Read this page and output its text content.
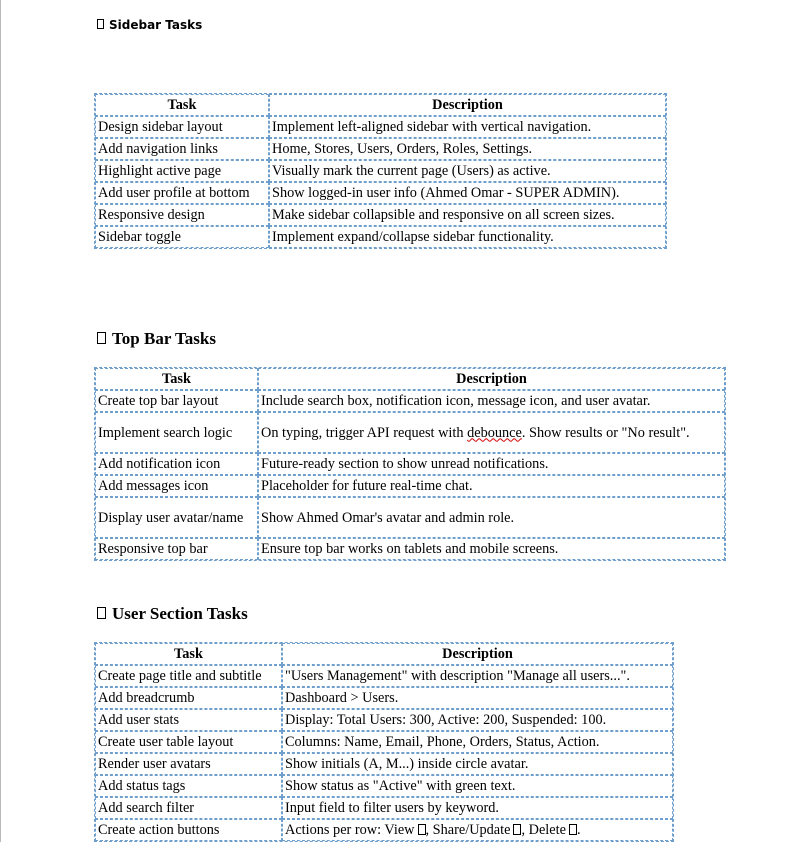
Sidebar Tasks
Task	Description
Design sidebar layout	Implement left-aligned sidebar with vertical navigation.
Add navigation links	Home, Stores, Users, Orders, Roles, Settings.
Highlight active page	Visually mark the current page (Users) as active.
Add user profile at bottom	Show logged-in user info (Ahmed Omar - SUPER ADMIN).
Responsive design	Make sidebar collapsible and responsive on all screen sizes.
Sidebar toggle	Implement expand/collapse sidebar functionality.
Top Bar Tasks
Task	Description
Create top bar layout	Include search box, notification icon, message icon, and user avatar.
Implement search logic	On typing, trigger API request with debounce. Show results or "No result".
Add notification icon	Future-ready section to show unread notifications.
Add messages icon	Placeholder for future real-time chat.
Display user avatar/name	Show Ahmed Omar's avatar and admin role.
Responsive top bar	Ensure top bar works on tablets and mobile screens.
User Section Tasks
Task	Description
Create page title and subtitle	"Users Management" with description "Manage all users...".
Add breadcrumb	Dashboard > Users.
Add user stats	Display: Total Users: 300, Active: 200, Suspended: 100.
Create user table layout	Columns: Name, Email, Phone, Orders, Status, Action.
Render user avatars	Show initials (A, M...) inside circle avatar.
Add status tags	Show status as "Active" with green text.
Add search filter	Input field to filter users by keyword.
Create action buttons	Actions per row: View , Share/Update , Delete .
